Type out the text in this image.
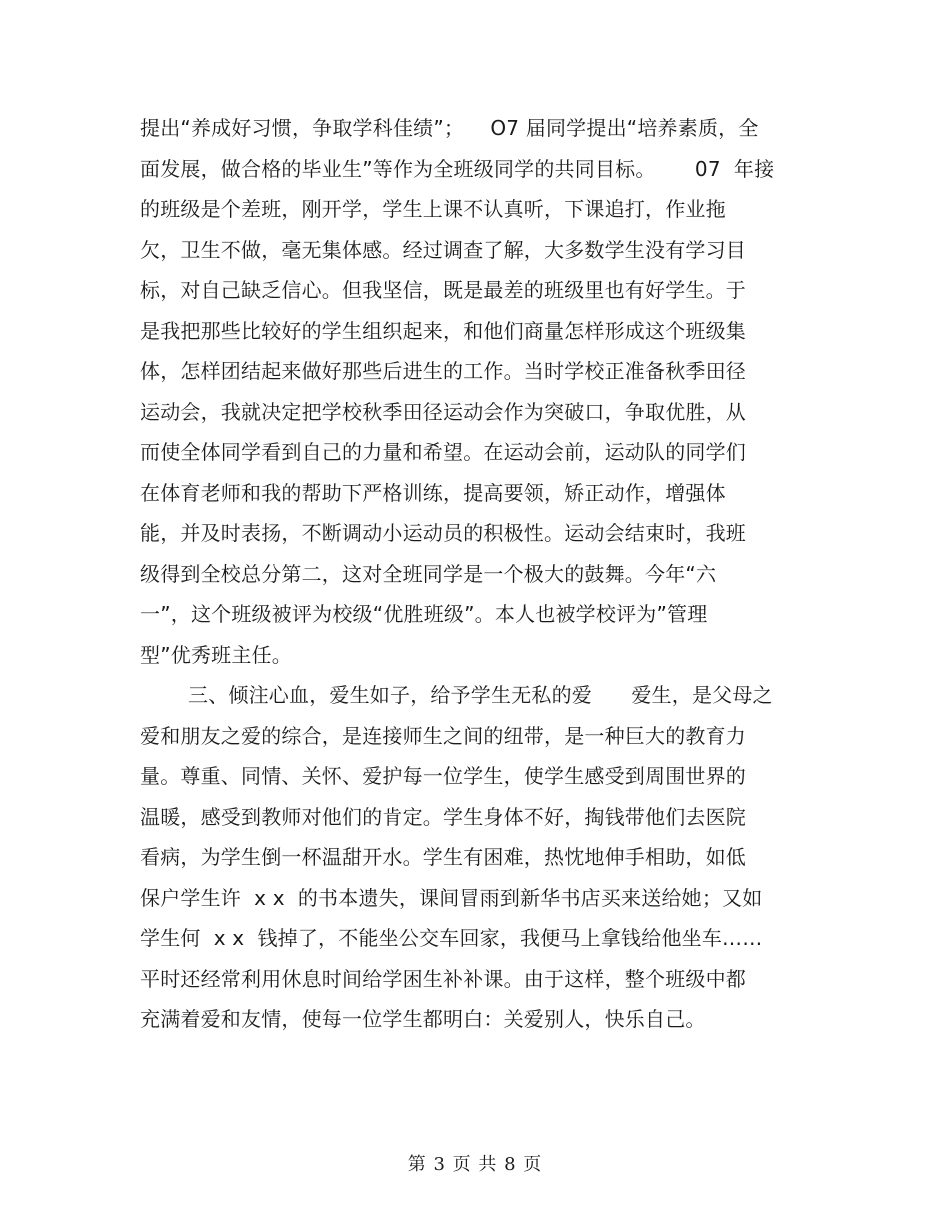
提出“养成好习惯，争取学科佳绩”；    O7 届同学提出“培养素质，全
面发展，做合格的毕业生”等作为全班级同学的共同目标。      07  年接
的班级是个差班，刚开学，学生上课不认真听，下课追打，作业拖
欠，卫生不做，毫无集体感。经过调查了解，大多数学生没有学习目
标，对自己缺乏信心。但我坚信，既是最差的班级里也有好学生。于
是我把那些比较好的学生组织起来，和他们商量怎样形成这个班级集
体，怎样团结起来做好那些后进生的工作。当时学校正准备秋季田径
运动会，我就决定把学校秋季田径运动会作为突破口，争取优胜，从
而使全体同学看到自己的力量和希望。在运动会前，运动队的同学们
在体育老师和我的帮助下严格训练，提高要领，矫正动作，增强体
能，并及时表扬，不断调动小运动员的积极性。运动会结束时，我班
级得到全校总分第二，这对全班同学是一个极大的鼓舞。今年“六
一”，这个班级被评为校级“优胜班级”。本人也被学校评为”管理
型”优秀班主任。
三、倾注心血，爱生如子，给予学生无私的爱      爱生，是父母之
爱和朋友之爱的综合，是连接师生之间的纽带，是一种巨大的教育力
量。尊重、同情、关怀、爱护每一位学生，使学生感受到周围世界的
温暖，感受到教师对他们的肯定。学生身体不好，掏钱带他们去医院
看病，为学生倒一杯温甜开水。学生有困难，热忱地伸手相助，如低
保户学生许  x x  的书本遗失，课间冒雨到新华书店买来送给她；又如
学生何  x x  钱掉了，不能坐公交车回家，我便马上拿钱给他坐车……
平时还经常利用休息时间给学困生补补课。由于这样，整个班级中都
充满着爱和友情，使每一位学生都明白：关爱别人，快乐自己。
第 3 页 共 8 页
